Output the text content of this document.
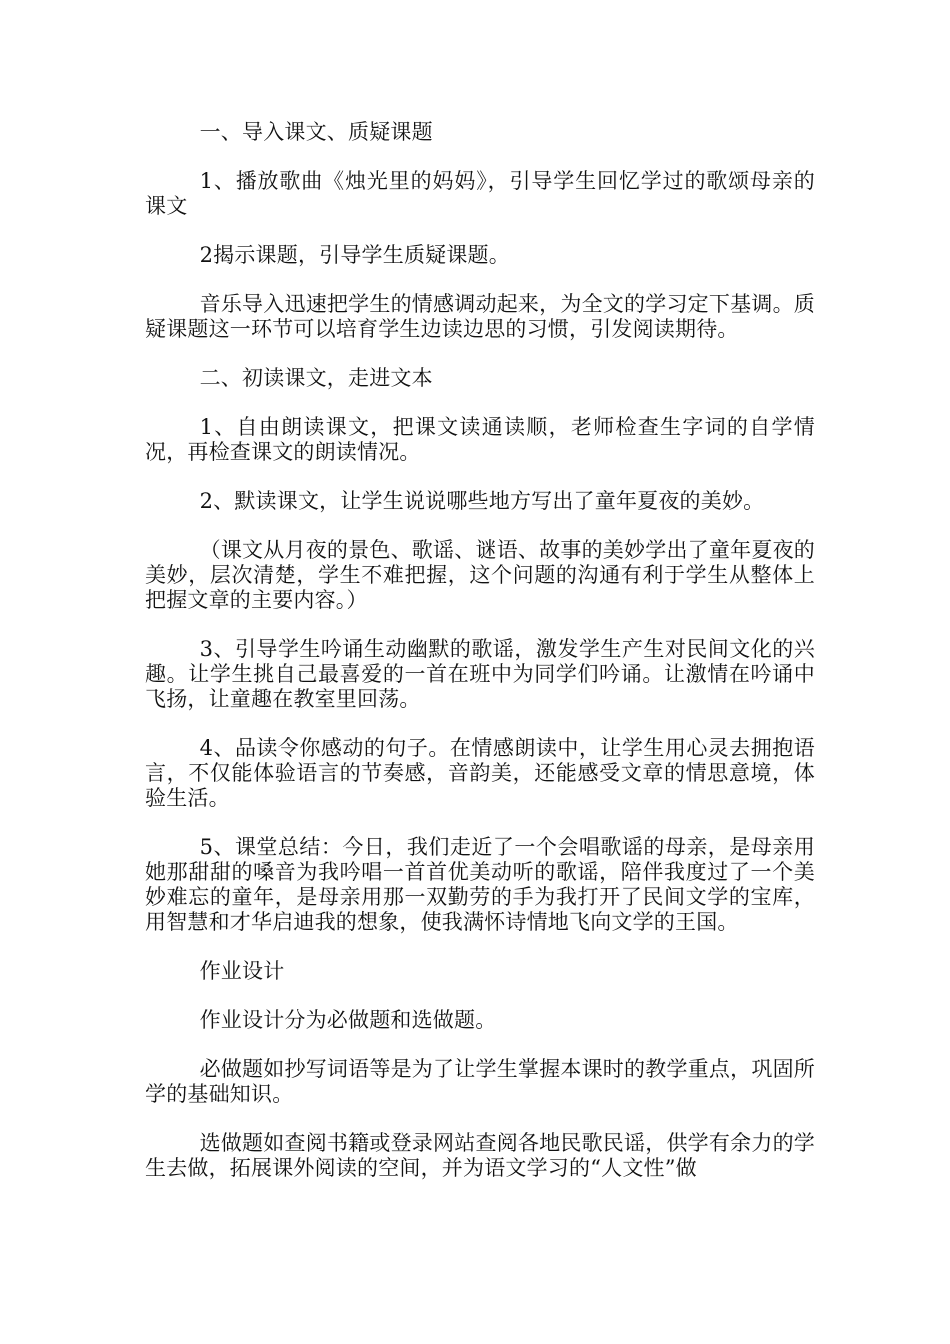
一、导入课文、质疑课题

1、播放歌曲《烛光里的妈妈》，引导学生回忆学过的歌颂母亲的课文

2揭示课题，引导学生质疑课题。

音乐导入迅速把学生的情感调动起来，为全文的学习定下基调。质疑课题这一环节可以培育学生边读边思的习惯，引发阅读期待。

二、初读课文，走进文本

1、自由朗读课文，把课文读通读顺，老师检查生字词的自学情况，再检查课文的朗读情况。

2、默读课文，让学生说说哪些地方写出了童年夏夜的美妙。

（课文从月夜的景色、歌谣、谜语、故事的美妙学出了童年夏夜的美妙，层次清楚，学生不难把握，这个问题的沟通有利于学生从整体上把握文章的主要内容。）

3、引导学生吟诵生动幽默的歌谣，激发学生产生对民间文化的兴趣。让学生挑自己最喜爱的一首在班中为同学们吟诵。让激情在吟诵中飞扬，让童趣在教室里回荡。

4、品读令你感动的句子。在情感朗读中，让学生用心灵去拥抱语言，不仅能体验语言的节奏感，音韵美，还能感受文章的情思意境，体验生活。

5、课堂总结：今日，我们走近了一个会唱歌谣的母亲，是母亲用她那甜甜的嗓音为我吟唱一首首优美动听的歌谣，陪伴我度过了一个美妙难忘的童年，是母亲用那一双勤劳的手为我打开了民间文学的宝库，用智慧和才华启迪我的想象，使我满怀诗情地飞向文学的王国。

作业设计

作业设计分为必做题和选做题。

必做题如抄写词语等是为了让学生掌握本课时的教学重点，巩固所学的基础知识。

选做题如查阅书籍或登录网站查阅各地民歌民谣，供学有余力的学生去做，拓展课外阅读的空间，并为语文学习的“人文性”做
